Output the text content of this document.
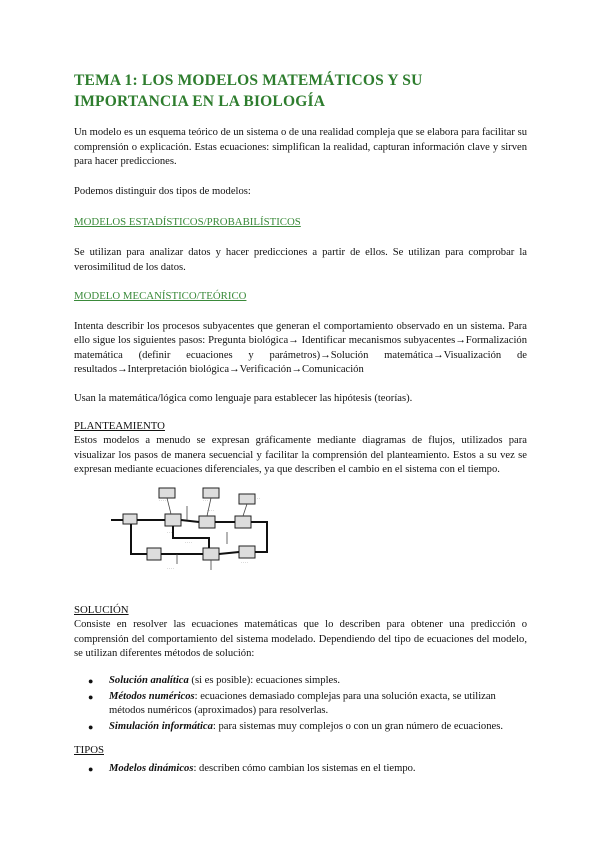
TEMA 1: LOS MODELOS MATEMÁTICOS Y SU IMPORTANCIA EN LA BIOLOGÍA

Un modelo es un esquema teórico de un sistema o de una realidad compleja que se elabora para facilitar su comprensión o explicación. Estas ecuaciones: simplifican la realidad, capturan información clave y sirven para hacer predicciones.

Podemos distinguir dos tipos de modelos:

MODELOS ESTADÍSTICOS/PROBABILÍSTICOS

Se utilizan para analizar datos y hacer predicciones a partir de ellos. Se utilizan para comprobar la verosimilitud de los datos.

MODELO MECANÍSTICO/TEÓRICO

Intenta describir los procesos subyacentes que generan el comportamiento observado en un sistema. Para ello sigue los siguientes pasos: Pregunta biológica→ Identificar mecanismos subyacentes→Formalización matemática (definir ecuaciones y parámetros)→Solución matemática→Visualización de resultados→Interpretación biológica→Verificación→Comunicación

Usan la matemática/lógica como lenguaje para establecer las hipótesis (teorías).

PLANTEAMIENTO

Estos modelos a menudo se expresan gráficamente mediante diagramas de flujos, utilizados para visualizar los pasos de manera secuencial y facilitar la comprensión del planteamiento. Estos a su vez se expresan mediante ecuaciones diferenciales, ya que describen el cambio en el sistema con el tiempo.

· · · ·	· · ·	· ·
· · · ·
· · ·
· · · ·
· · · ·
· · · ·
SOLUCIÓN

Consiste en resolver las ecuaciones matemáticas que lo describen para obtener una predicción o comprensión del comportamiento del sistema modelado. Dependiendo del tipo de ecuaciones del modelo, se utilizan diferentes métodos de solución:

● Solución analítica (si es posible): ecuaciones simples.
● Métodos numéricos: ecuaciones demasiado complejas para una solución exacta, se utilizan métodos numéricos (aproximados) para resolverlas.
● Simulación informática: para sistemas muy complejos o con un gran número de ecuaciones.
TIPOS
● Modelos dinámicos: describen cómo cambian los sistemas en el tiempo.
